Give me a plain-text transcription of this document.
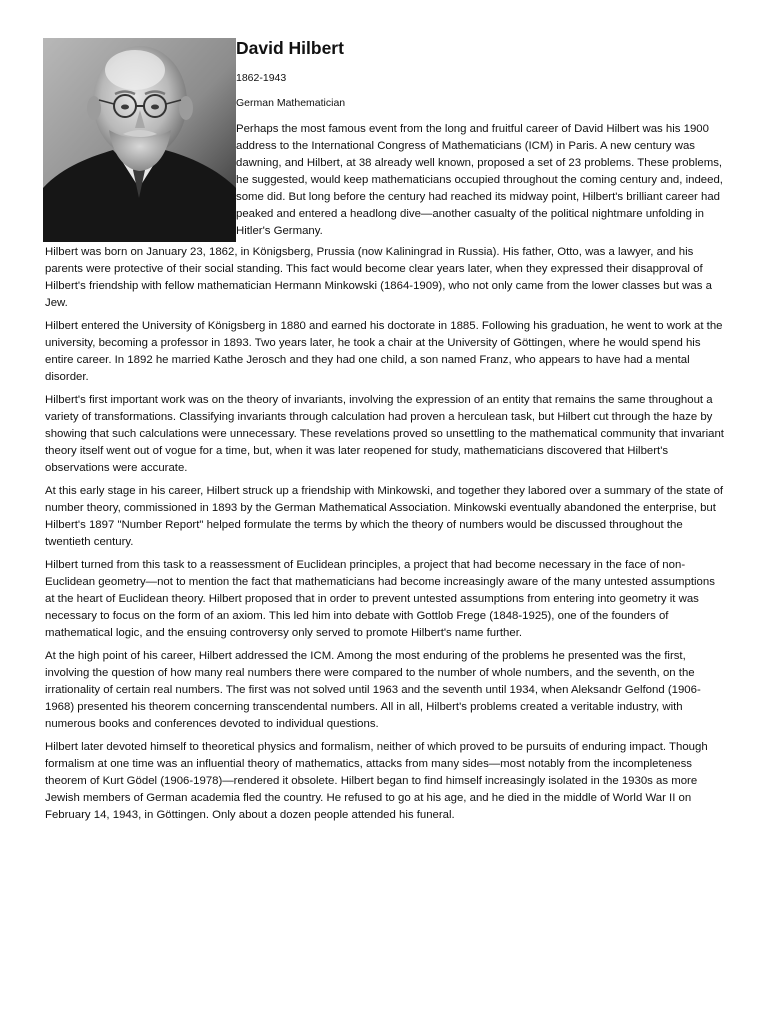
David Hilbert
1862-1943
German Mathematician

Perhaps the most famous event from the long and fruitful career of David Hilbert was his 1900 address to the International Congress of Mathematicians (ICM) in Paris. A new century was dawning, and Hilbert, at 38 already well known, proposed a set of 23 problems. These problems, he suggested, would keep mathematicians occupied throughout the coming century and, indeed, some did. But long before the century had reached its midway point, Hilbert's brilliant career had peaked and entered a headlong dive—another casualty of the political nightmare unfolding in Hitler's Germany.

Hilbert was born on January 23, 1862, in Königsberg, Prussia (now Kaliningrad in Russia). His father, Otto, was a lawyer, and his parents were protective of their social standing. This fact would become clear years later, when they expressed their disapproval of Hilbert's friendship with fellow mathematician Hermann Minkowski (1864-1909), who not only came from the lower classes but was a Jew.

Hilbert entered the University of Königsberg in 1880 and earned his doctorate in 1885. Following his graduation, he went to work at the university, becoming a professor in 1893. Two years later, he took a chair at the University of Göttingen, where he would spend his entire career. In 1892 he married Kathe Jerosch and they had one child, a son named Franz, who appears to have had a mental disorder.

Hilbert's first important work was on the theory of invariants, involving the expression of an entity that remains the same throughout a variety of transformations. Classifying invariants through calculation had proven a herculean task, but Hilbert cut through the haze by showing that such calculations were unnecessary. These revelations proved so unsettling to the mathematical community that invariant theory itself went out of vogue for a time, but, when it was later reopened for study, mathematicians discovered that Hilbert's observations were accurate.

At this early stage in his career, Hilbert struck up a friendship with Minkowski, and together they labored over a summary of the state of number theory, commissioned in 1893 by the German Mathematical Association. Minkowski eventually abandoned the enterprise, but Hilbert's 1897 "Number Report" helped formulate the terms by which the theory of numbers would be discussed throughout the twentieth century.

Hilbert turned from this task to a reassessment of Euclidean principles, a project that had become necessary in the face of non-Euclidean geometry—not to mention the fact that mathematicians had become increasingly aware of the many untested assumptions at the heart of Euclidean theory. Hilbert proposed that in order to prevent untested assumptions from entering into geometry it was necessary to focus on the form of an axiom. This led him into debate with Gottlob Frege (1848-1925), one of the founders of mathematical logic, and the ensuing controversy only served to promote Hilbert's name further.

At the high point of his career, Hilbert addressed the ICM. Among the most enduring of the problems he presented was the first, involving the question of how many real numbers there were compared to the number of whole numbers, and the seventh, on the irrationality of certain real numbers. The first was not solved until 1963 and the seventh until 1934, when Aleksandr Gelfond (1906-1968) presented his theorem concerning transcendental numbers. All in all, Hilbert's problems created a veritable industry, with numerous books and conferences devoted to individual questions.

Hilbert later devoted himself to theoretical physics and formalism, neither of which proved to be pursuits of enduring impact. Though formalism at one time was an influential theory of mathematics, attacks from many sides—most notably from the incompleteness theorem of Kurt Gödel (1906-1978)—rendered it obsolete. Hilbert began to find himself increasingly isolated in the 1930s as more Jewish members of German academia fled the country. He refused to go at his age, and he died in the middle of World War II on February 14, 1943, in Göttingen. Only about a dozen people attended his funeral.
